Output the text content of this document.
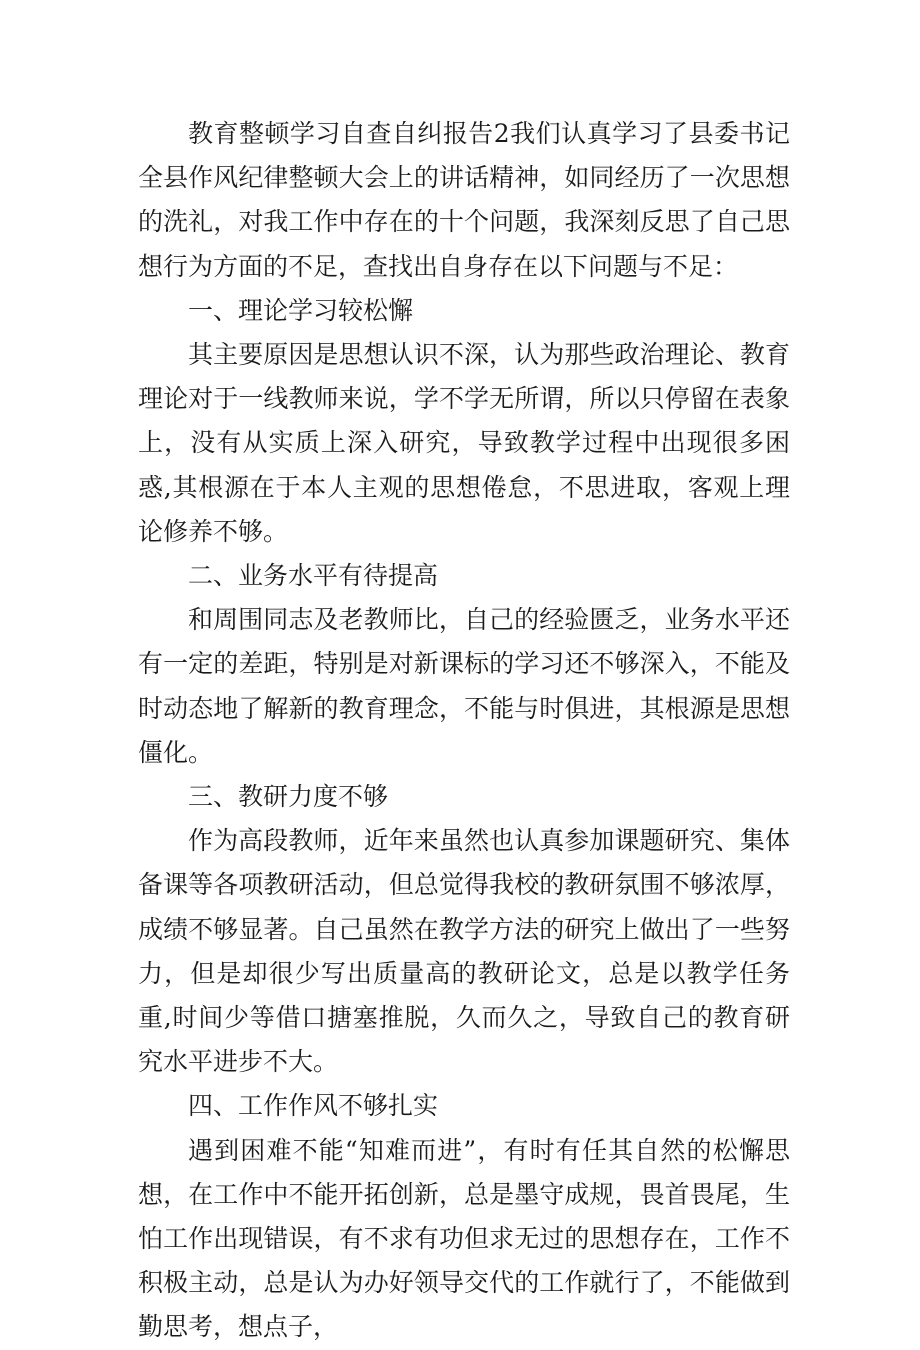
教育整顿学习自查自纠报告2我们认真学习了县委书记全县作风纪律整顿大会上的讲话精神，如同经历了一次思想的洗礼，对我工作中存在的十个问题，我深刻反思了自己思想行为方面的不足，查找出自身存在以下问题与不足：

一、理论学习较松懈

其主要原因是思想认识不深，认为那些政治理论、教育理论对于一线教师来说，学不学无所谓，所以只停留在表象上，没有从实质上深入研究，导致教学过程中出现很多困惑,其根源在于本人主观的思想倦怠，不思进取，客观上理论修养不够。

二、业务水平有待提高

和周围同志及老教师比，自己的经验匮乏，业务水平还有一定的差距，特别是对新课标的学习还不够深入，不能及时动态地了解新的教育理念，不能与时俱进，其根源是思想僵化。

三、教研力度不够

作为高段教师，近年来虽然也认真参加课题研究、集体备课等各项教研活动，但总觉得我校的教研氛围不够浓厚，成绩不够显著。自己虽然在教学方法的研究上做出了一些努力，但是却很少写出质量高的教研论文，总是以教学任务重,时间少等借口搪塞推脱，久而久之，导致自己的教育研究水平进步不大。

四、工作作风不够扎实

遇到困难不能“知难而进”，有时有任其自然的松懈思想，在工作中不能开拓创新，总是墨守成规，畏首畏尾，生怕工作出现错误，有不求有功但求无过的思想存在，工作不积极主动，总是认为办好领导交代的工作就行了，不能做到勤思考，想点子，
